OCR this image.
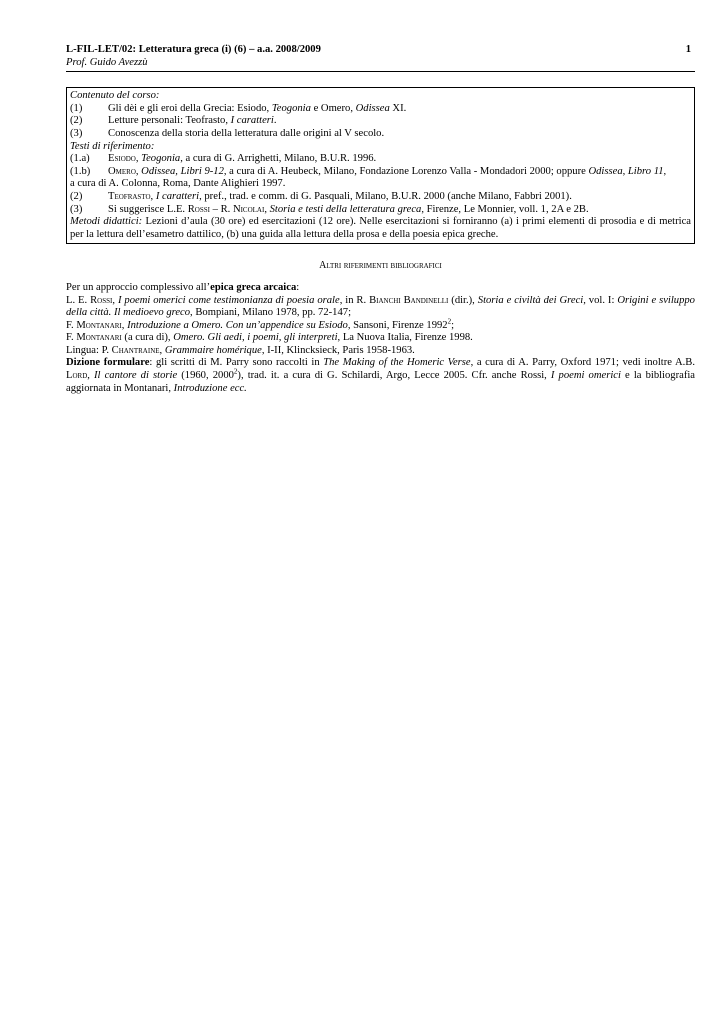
L-FIL-LET/02: Letteratura greca (i) (6) – a.a. 2008/2009
Prof. Guido Avezzù
1
Contenuto del corso:
(1)	Gli dèi e gli eroi della Grecia: Esiodo, Teogonia e Omero, Odissea XI.
(2)	Letture personali: Teofrasto, I caratteri.
(3)	Conoscenza della storia della letteratura dalle origini al V secolo.
Testi di riferimento:
(1.a)	Esiodo, Teogonia, a cura di G. Arrighetti, Milano, B.U.R. 1996.
(1.b)	Omero, Odissea, Libri 9-12, a cura di A. Heubeck, Milano, Fondazione Lorenzo Valla - Mondadori 2000; oppure Odissea, Libro 11,
a cura di A. Colonna, Roma, Dante Alighieri 1997.
(2)	Teofrasto, I caratteri, pref., trad. e comm. di G. Pasquali, Milano, B.U.R. 2000 (anche Milano, Fabbri 2001).
(3)	Si suggerisce L.E. Rossi – R. Nicolai, Storia e testi della letteratura greca, Firenze, Le Monnier, voll. 1, 2A e 2B.
Metodi didattici: Lezioni d’aula (30 ore) ed esercitazioni (12 ore). Nelle esercitazioni si forniranno (a) i primi elementi di prosodia e di metrica per la lettura dell’esametro dattilico, (b) una guida alla lettura della prosa e della poesia epica greche.
Altri riferimenti bibliografici
Per un approccio complessivo all’epica greca arcaica:
L. E. Rossi, I poemi omerici come testimonianza di poesia orale, in R. Bianchi Bandinelli (dir.), Storia e civiltà dei Greci, vol. I: Origini e sviluppo della città. Il medioevo greco, Bompiani, Milano 1978, pp. 72-147;
F. Montanari, Introduzione a Omero. Con un’appendice su Esiodo, Sansoni, Firenze 1992$^2$;
F. Montanari (a cura di), Omero. Gli aedi, i poemi, gli interpreti, La Nuova Italia, Firenze 1998.
Lingua: P. Chantraine, Grammaire homérique, I-II, Klincksieck, Paris 1958-1963.
Dizione formulare: gli scritti di M. Parry sono raccolti in The Making of the Homeric Verse, a cura di A. Parry, Oxford 1971; vedi inoltre A.B. Lord, Il cantore di storie (1960, 2000$^2$), trad. it. a cura di G. Schilardi, Argo, Lecce 2005. Cfr. anche Rossi, I poemi omerici e la bibliografia aggiornata in Montanari, Introduzione ecc.
